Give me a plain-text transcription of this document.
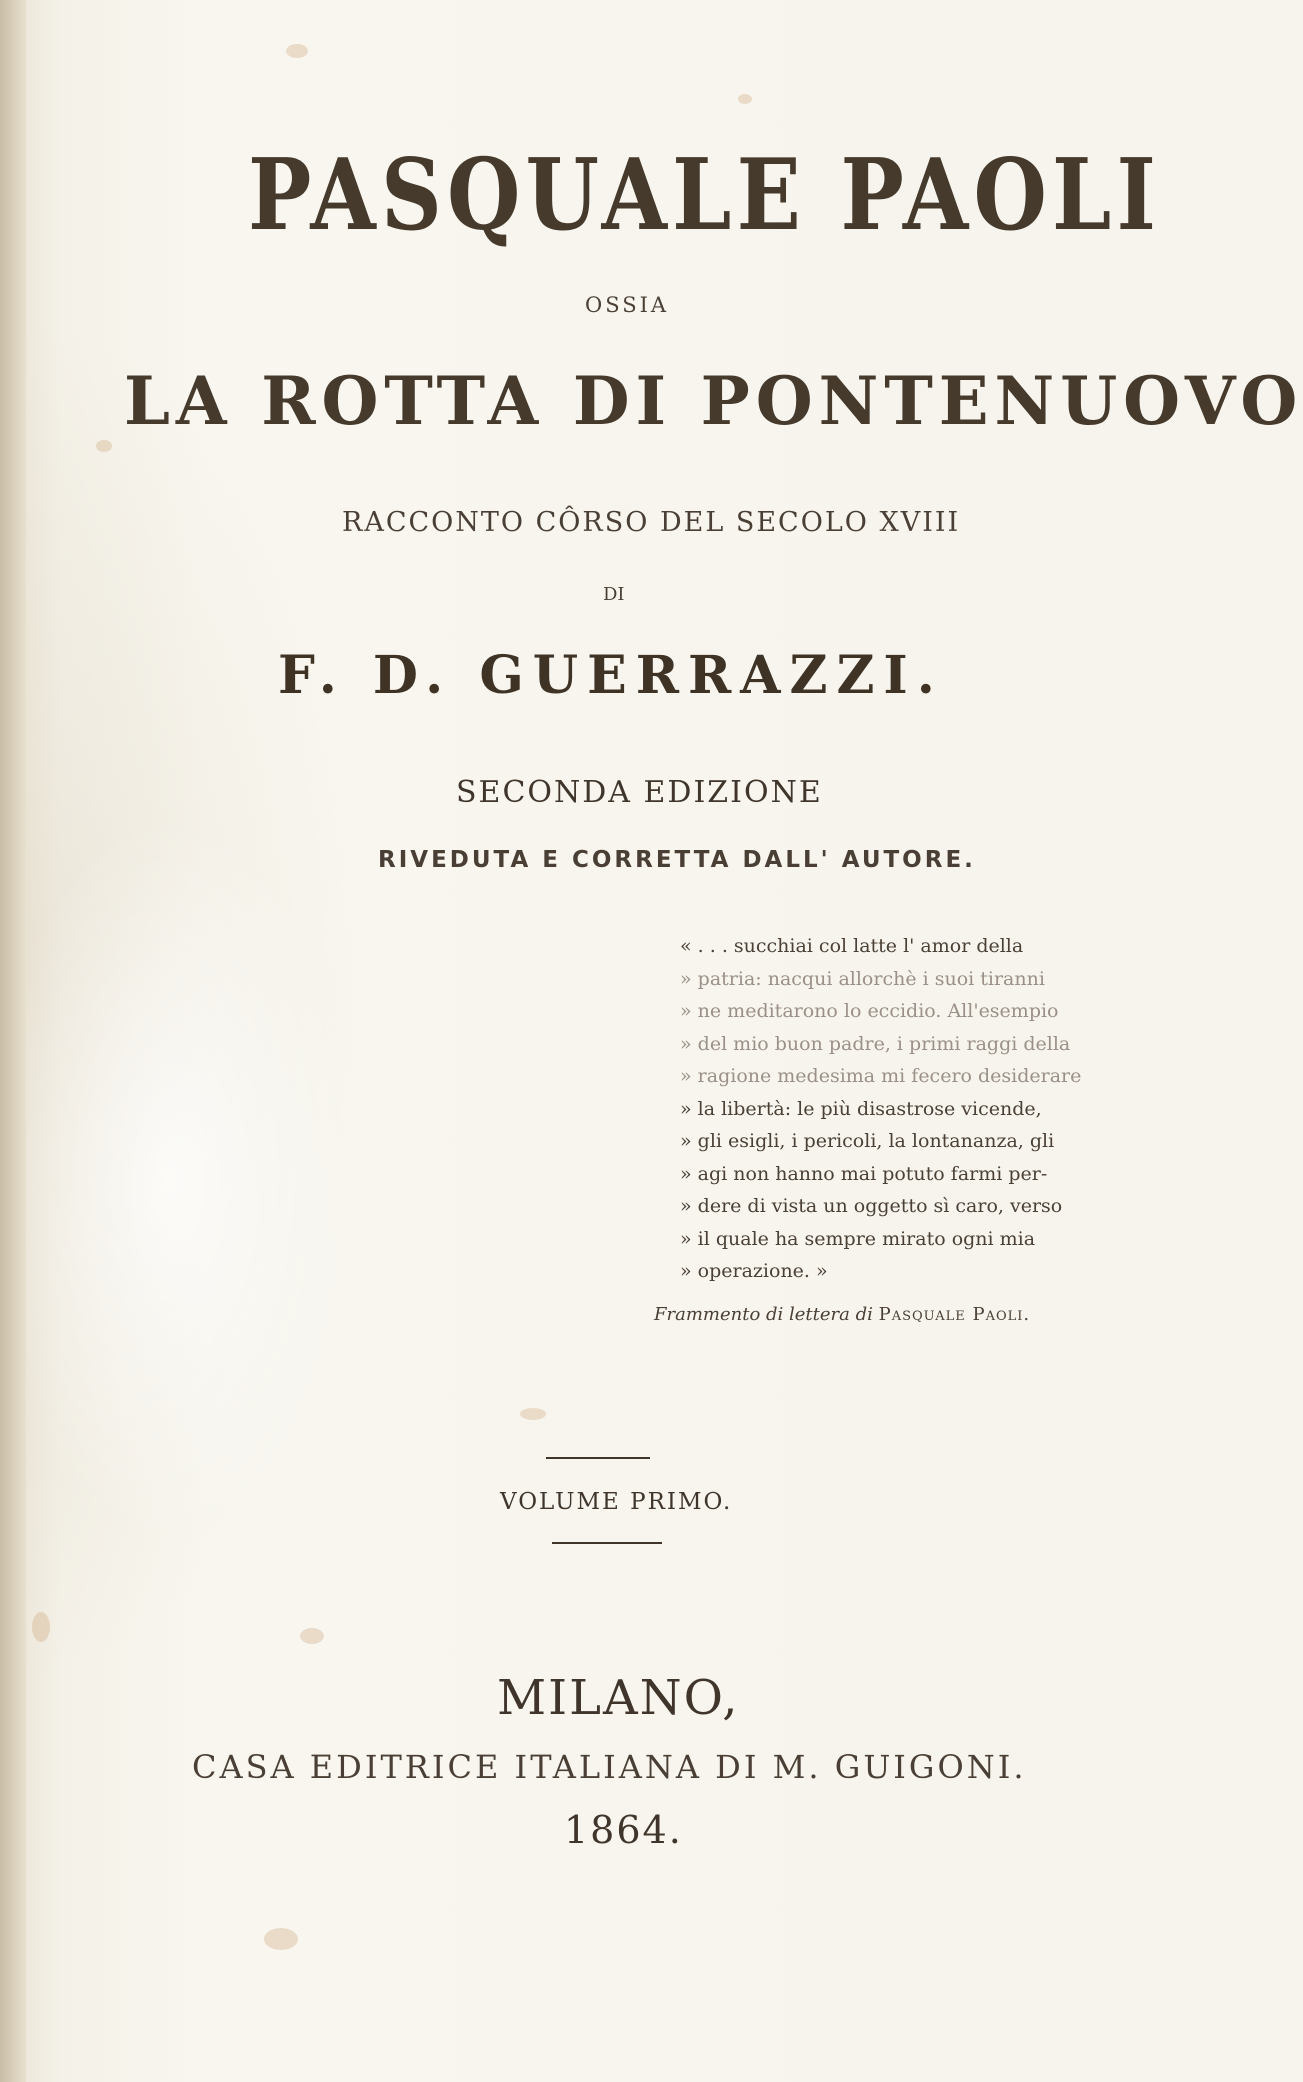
PASQUALE PAOLI
OSSIA
LA ROTTA DI PONTENUOVO
RACCONTO CÔRSO DEL SECOLO XVIII
DI
F. D. GUERRAZZI.
SECONDA EDIZIONE
RIVEDUTA E CORRETTA DALL' AUTORE.
« . . . succhiai col latte l' amor della
» patria: nacqui allorchè i suoi tiranni
» ne meditarono lo eccidio. All'esempio
» del mio buon padre, i primi raggi della
» ragione medesima mi fecero desiderare
» la libertà: le più disastrose vicende,
» gli esigli, i pericoli, la lontananza, gli
» agi non hanno mai potuto farmi per-
» dere di vista un oggetto sì caro, verso
» il quale ha sempre mirato ogni mia
» operazione. »
Frammento di lettera di Pasquale Paoli.
VOLUME PRIMO.
MILANO,
CASA EDITRICE ITALIANA DI M. GUIGONI.
1864.
